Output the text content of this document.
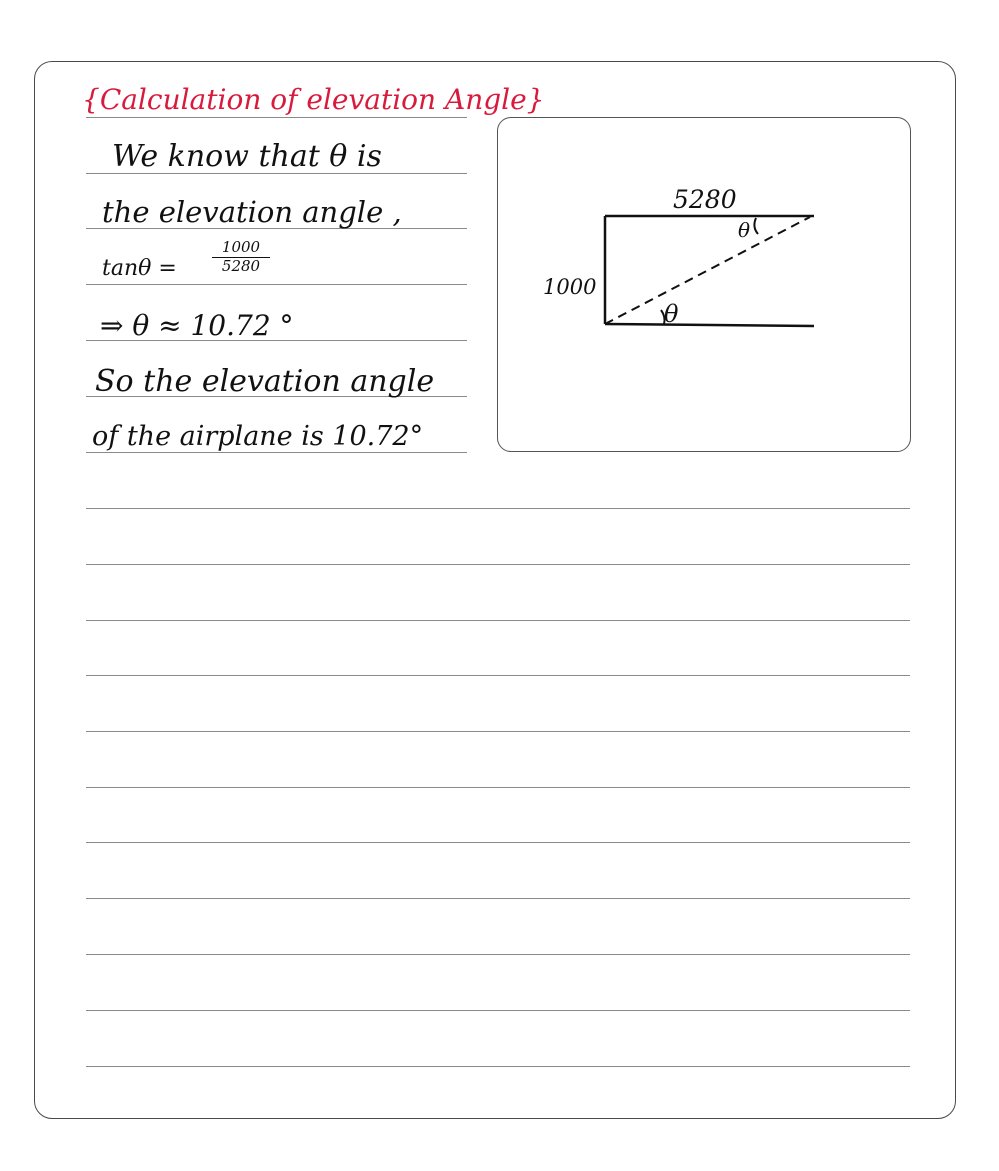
{Calculation of elevation Angle}
We know that θ is
the elevation angle ,
tanθ =
1000
5280
⇒ θ ≈ 10.72 °
So the elevation angle
of the airplane is 10.72°
5280
1000
θ
θ
